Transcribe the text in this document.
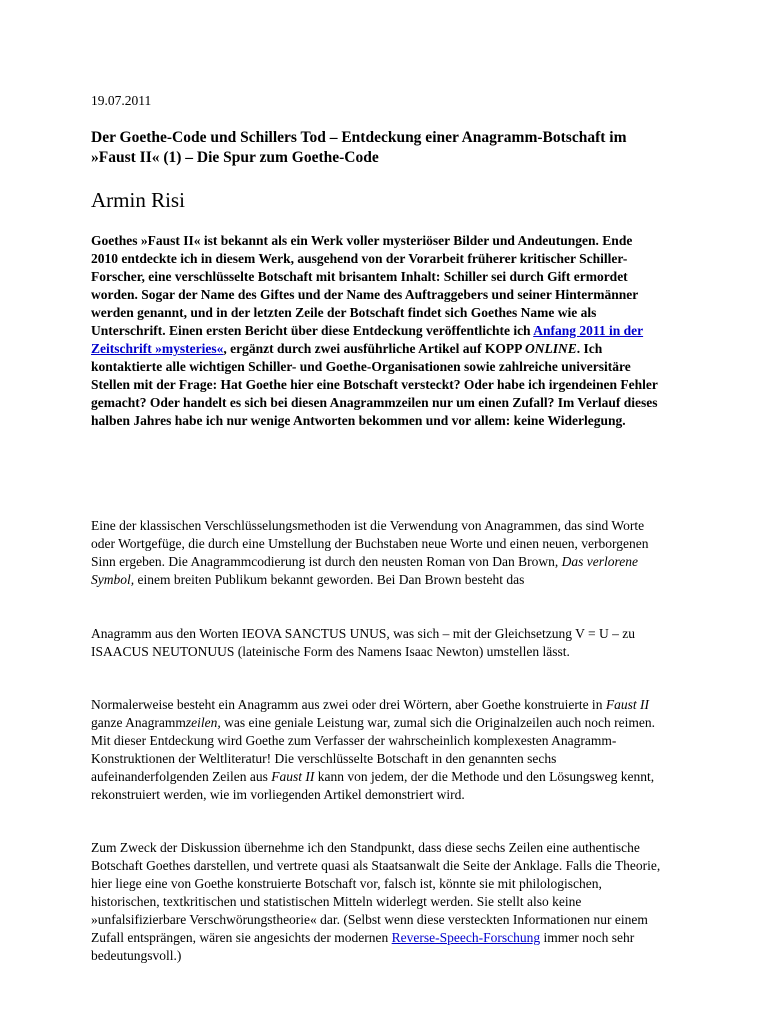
19.07.2011
Der Goethe-Code und Schillers Tod – Entdeckung einer Anagramm-Botschaft im »Faust II« (1) – Die Spur zum Goethe-Code
Armin Risi

Goethes »Faust II« ist bekannt als ein Werk voller mysteriöser Bilder und Andeutungen. Ende 2010 entdeckte ich in diesem Werk, ausgehend von der Vorarbeit früherer kritischer Schiller-Forscher, eine verschlüsselte Botschaft mit brisantem Inhalt: Schiller sei durch Gift ermordet worden. Sogar der Name des Giftes und der Name des Auftraggebers und seiner Hintermänner werden genannt, und in der letzten Zeile der Botschaft findet sich Goethes Name wie als Unterschrift. Einen ersten Bericht über diese Entdeckung veröffentlichte ich Anfang 2011 in der Zeitschrift »mysteries«, ergänzt durch zwei ausführliche Artikel auf KOPP ONLINE. Ich kontaktierte alle wichtigen Schiller- und Goethe-Organisationen sowie zahlreiche universitäre Stellen mit der Frage: Hat Goethe hier eine Botschaft versteckt? Oder habe ich irgendeinen Fehler gemacht? Oder handelt es sich bei diesen Anagrammzeilen nur um einen Zufall? Im Verlauf dieses halben Jahres habe ich nur wenige Antworten bekommen und vor allem: keine Widerlegung.

Eine der klassischen Verschlüsselungsmethoden ist die Verwendung von Anagrammen, das sind Worte oder Wortgefüge, die durch eine Umstellung der Buchstaben neue Worte und einen neuen, verborgenen Sinn ergeben. Die Anagrammcodierung ist durch den neusten Roman von Dan Brown, Das verlorene Symbol, einem breiten Publikum bekannt geworden. Bei Dan Brown besteht das

Anagramm aus den Worten IEOVA SANCTUS UNUS, was sich – mit der Gleichsetzung V = U – zu ISAACUS NEUTONUUS (lateinische Form des Namens Isaac Newton) umstellen lässt.

Normalerweise besteht ein Anagramm aus zwei oder drei Wörtern, aber Goethe konstruierte in Faust II ganze Anagrammzeilen, was eine geniale Leistung war, zumal sich die Originalzeilen auch noch reimen. Mit dieser Entdeckung wird Goethe zum Verfasser der wahrscheinlich komplexesten Anagramm-Konstruktionen der Weltliteratur! Die verschlüsselte Botschaft in den genannten sechs aufeinanderfolgenden Zeilen aus Faust II kann von jedem, der die Methode und den Lösungsweg kennt, rekonstruiert werden, wie im vorliegenden Artikel demonstriert wird.

Zum Zweck der Diskussion übernehme ich den Standpunkt, dass diese sechs Zeilen eine authentische Botschaft Goethes darstellen, und vertrete quasi als Staatsanwalt die Seite der Anklage. Falls die Theorie, hier liege eine von Goethe konstruierte Botschaft vor, falsch ist, könnte sie mit philologischen, historischen, textkritischen und statistischen Mitteln widerlegt werden. Sie stellt also keine »unfalsifizierbare Verschwörungstheorie« dar. (Selbst wenn diese versteckten Informationen nur einem Zufall entsprängen, wären sie angesichts der modernen Reverse-Speech-Forschung immer noch sehr bedeutungsvoll.)
